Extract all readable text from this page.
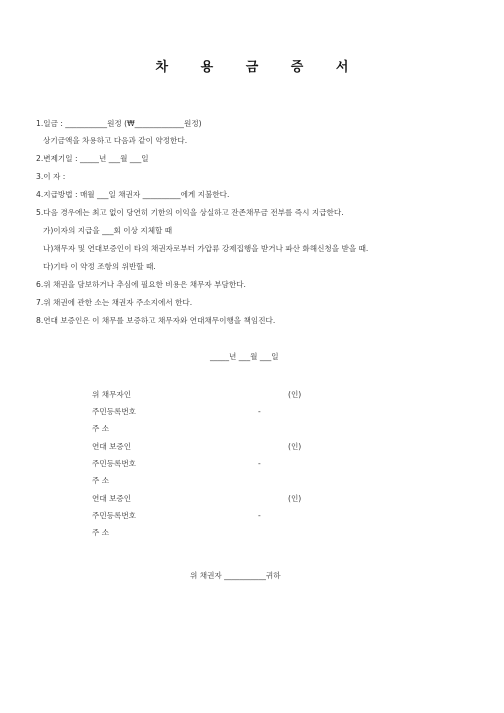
차 용 금 증 서
1.일금 : ___________원정 (₩_____________원정)
상기금액을 차용하고 다음과 같이 약정한다.
2.변제기일 : _____년 ___월 ___일
3.이 자 :
4.지급방법 : 매월 ___일 채권자 __________에게 지불한다.
5.다음 경우에는 최고 없이 당연히 기한의 이익을 상실하고 잔존채무금 전부를 즉시 지급한다.
가)이자의 지급을 ___회 이상 지체할 때
나)채무자 및 연대보증인이 타의 채권자로부터 가압류 강제집행을 받거나 파산 화해신청을 받을 때.
다)기타 이 약정 조항의 위반할 때.
6.위 채권을 담보하거나 추심에 필요한 비용은 채무자 부담한다.
7.위 채권에 관한 소는 채권자 주소지에서 한다.
8.연대 보증인은 이 채무를 보증하고 채무자와 연대채무이행을 책임진다.
_____년 ___월 ___일
위 채무자인	(인)
주민등록번호	-
주 소
연대 보증인	(인)
주민등록번호	-
주 소
연대 보증인	(인)
주민등록번호	-
주 소
위 채권자 ___________귀하
